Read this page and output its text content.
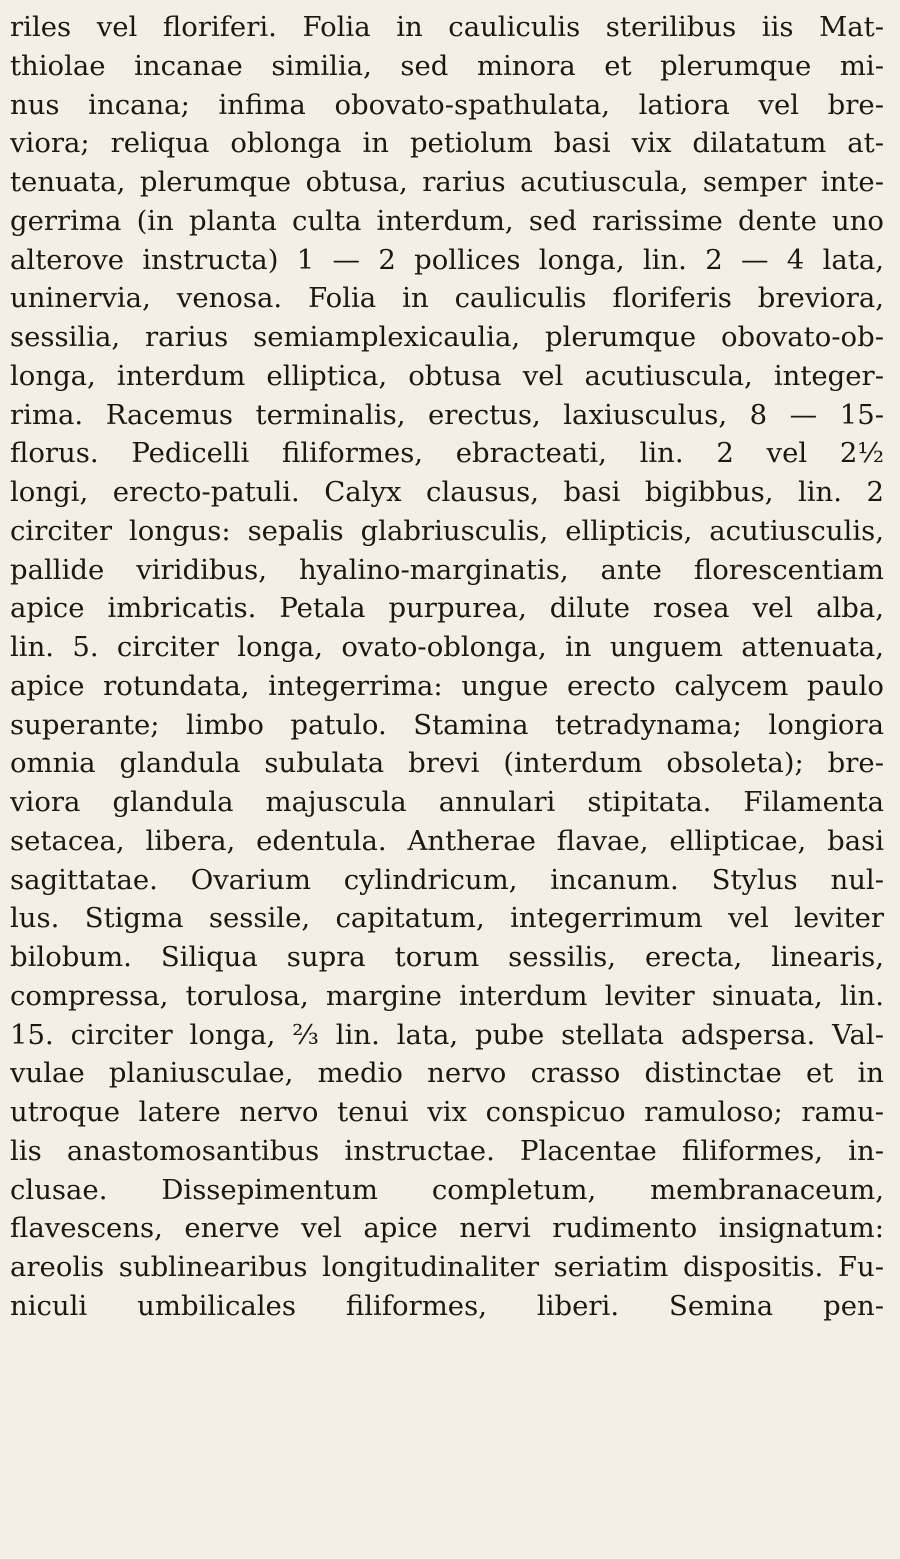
riles vel floriferi. Folia in cauliculis sterilibus iis Mat-
thiolae incanae similia, sed minora et plerumque mi-
nus incana; infima obovato-spathulata, latiora vel bre-
viora; reliqua oblonga in petiolum basi vix dilatatum at-
tenuata, plerumque obtusa, rarius acutiuscula, semper inte-
gerrima (in planta culta interdum, sed rarissime dente uno
alterove instructa) 1 — 2 pollices longa, lin. 2 — 4 lata,
uninervia, venosa. Folia in cauliculis floriferis breviora,
sessilia, rarius semiamplexicaulia, plerumque obovato-ob-
longa, interdum elliptica, obtusa vel acutiuscula, integer-
rima. Racemus terminalis, erectus, laxiusculus, 8 — 15-
florus. Pedicelli filiformes, ebracteati, lin. 2 vel 2½
longi, erecto-patuli. Calyx clausus, basi bigibbus, lin. 2
circiter longus: sepalis glabriusculis, ellipticis, acutiusculis,
pallide viridibus, hyalino-marginatis, ante florescentiam
apice imbricatis. Petala purpurea, dilute rosea vel alba,
lin. 5. circiter longa, ovato-oblonga, in unguem attenuata,
apice rotundata, integerrima: ungue erecto calycem paulo
superante; limbo patulo. Stamina tetradynama; longiora
omnia glandula subulata brevi (interdum obsoleta); bre-
viora glandula majuscula annulari stipitata. Filamenta
setacea, libera, edentula. Antherae flavae, ellipticae, basi
sagittatae. Ovarium cylindricum, incanum. Stylus nul-
lus. Stigma sessile, capitatum, integerrimum vel leviter
bilobum. Siliqua supra torum sessilis, erecta, linearis,
compressa, torulosa, margine interdum leviter sinuata, lin.
15. circiter longa, ⅔ lin. lata, pube stellata adspersa. Val-
vulae planiusculae, medio nervo crasso distinctae et in
utroque latere nervo tenui vix conspicuo ramuloso; ramu-
lis anastomosantibus instructae. Placentae filiformes, in-
clusae. Dissepimentum completum, membranaceum,
flavescens, enerve vel apice nervi rudimento insignatum:
areolis sublinearibus longitudinaliter seriatim dispositis. Fu-
niculi umbilicales filiformes, liberi. Semina pen-
